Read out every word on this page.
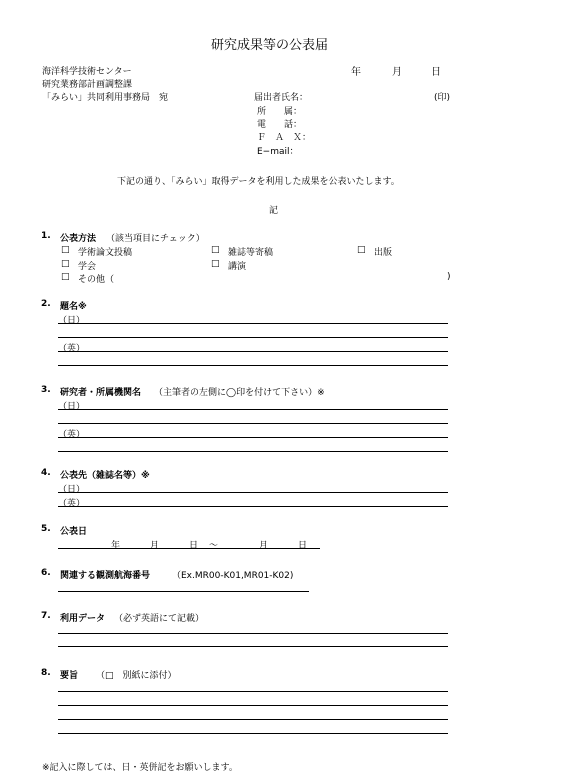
研究成果等の公表届
年	月	日
海洋科学技術センター
研究業務部計画調整課
「みらい」共同利用事務局　宛	届出者氏名：	(印)
所　　属：
電　　話：
Ｆ　Ａ　Ｘ：
E−mail：
下記の通り、「みらい」取得データを利用した成果を公表いたします。
記
1. 公表方法 （該当項目にチェック）
□ 学術論文投稿	□ 雑誌等寄稿	□ 出版
□ 学会	□ 講演
□ その他（	)
2. 題名※
（日）
（英）
3. 研究者・所属機関名 （主筆者の左側に◯印を付けて下さい）※
（日）
（英）
4. 公表先（雑誌名等）※
（日）
（英）
5. 公表日
年	月	日 ～	月	日
6. 関連する観測航海番号 （Ex.MR00-K01,MR01-K02)
7. 利用データ （必ず英語にて記載）
8. 要旨 （□　別紙に添付）
※記入に際しては、日・英併記をお願いします。
